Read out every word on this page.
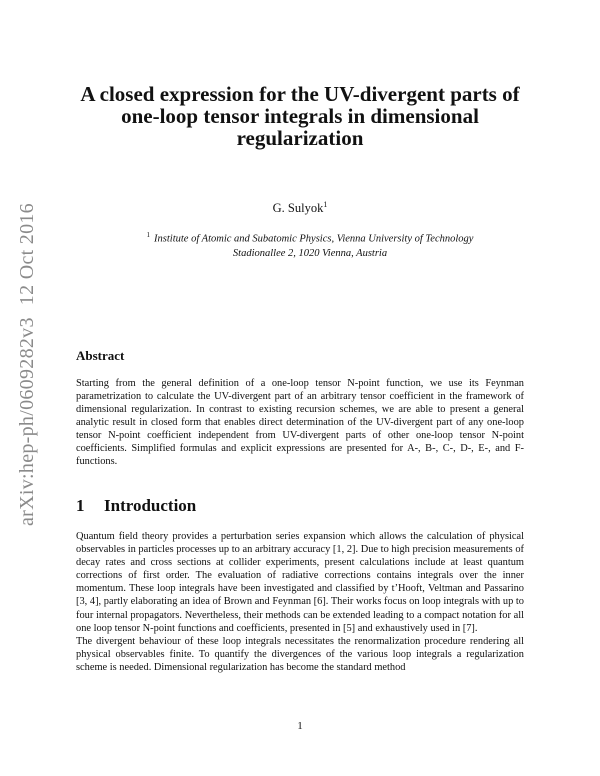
arXiv:hep-ph/0609282v312 Oct 2016
A closed expression for the UV-divergent parts of one-loop tensor integrals in dimensional regularization
G. Sulyok$^1$
$^1$ Institute of Atomic and Subatomic Physics, Vienna University of Technology
Stadionallee 2, 1020 Vienna, Austria
Abstract

Starting from the general definition of a one-loop tensor N-point function, we use its Feynman parametrization to calculate the UV-divergent part of an arbitrary tensor coefficient in the framework of dimensional regularization. In contrast to existing recursion schemes, we are able to present a general analytic result in closed form that enables direct determination of the UV-divergent part of any one-loop tensor N-point coefficient independent from UV-divergent parts of other one-loop tensor N-point coefficients. Simplified formulas and explicit expressions are presented for A-, B-, C-, D-, E-, and F-functions.

1 Introduction

Quantum field theory provides a perturbation series expansion which allows the calculation of physical observables in particles processes up to an arbitrary accuracy [1, 2]. Due to high precision measurements of decay rates and cross sections at collider experiments, present calculations include at least quantum corrections of first order. The evaluation of radiative corrections contains integrals over the inner momentum. These loop integrals have been investigated and classified by t’Hooft, Veltman and Passarino [3, 4], partly elaborating an idea of Brown and Feynman [6]. Their works focus on loop integrals with up to four internal propagators. Nevertheless, their methods can be extended leading to a compact notation for all one loop tensor N-point functions and coefficients, presented in [5] and exhaustively used in [7].

The divergent behaviour of these loop integrals necessitates the renormalization procedure rendering all physical observables finite. To quantify the divergences of the various loop integrals a regularization scheme is needed. Dimensional regularization has become the standard method

1
